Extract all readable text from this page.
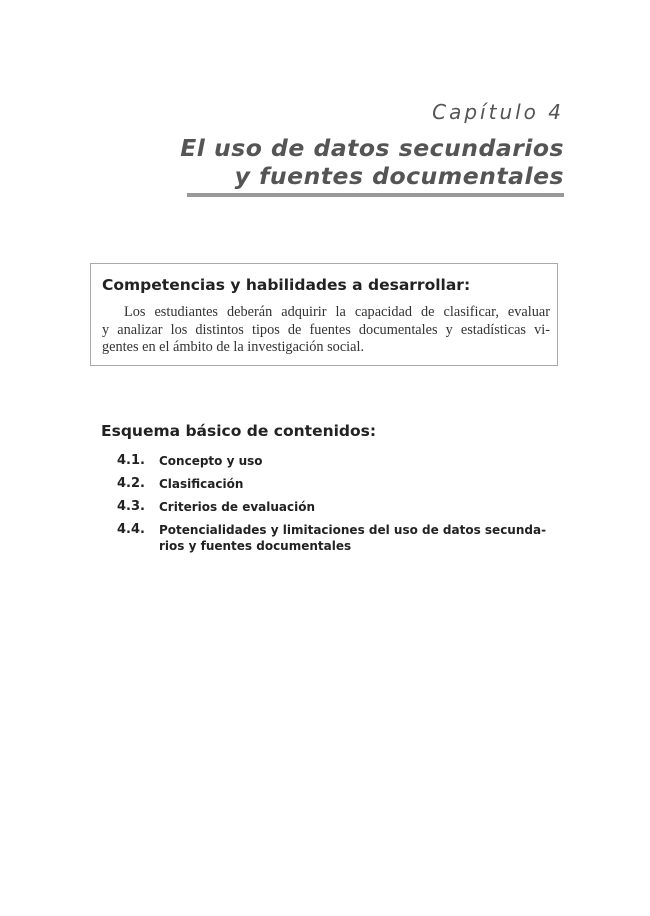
Capítulo 4
El uso de datos secundarios
y fuentes documentales
Competencias y habilidades a desarrollar:
Los estudiantes deberán adquirir la capacidad de clasificar, evaluar
y analizar los distintos tipos de fuentes documentales y estadísticas vi-
gentes en el ámbito de la investigación social.
Esquema básico de contenidos:
4.1.	Concepto y uso
4.2.	Clasificación
4.3.	Criterios de evaluación
4.4.	Potencialidades y limitaciones del uso de datos secunda-rios y fuentes documentales
